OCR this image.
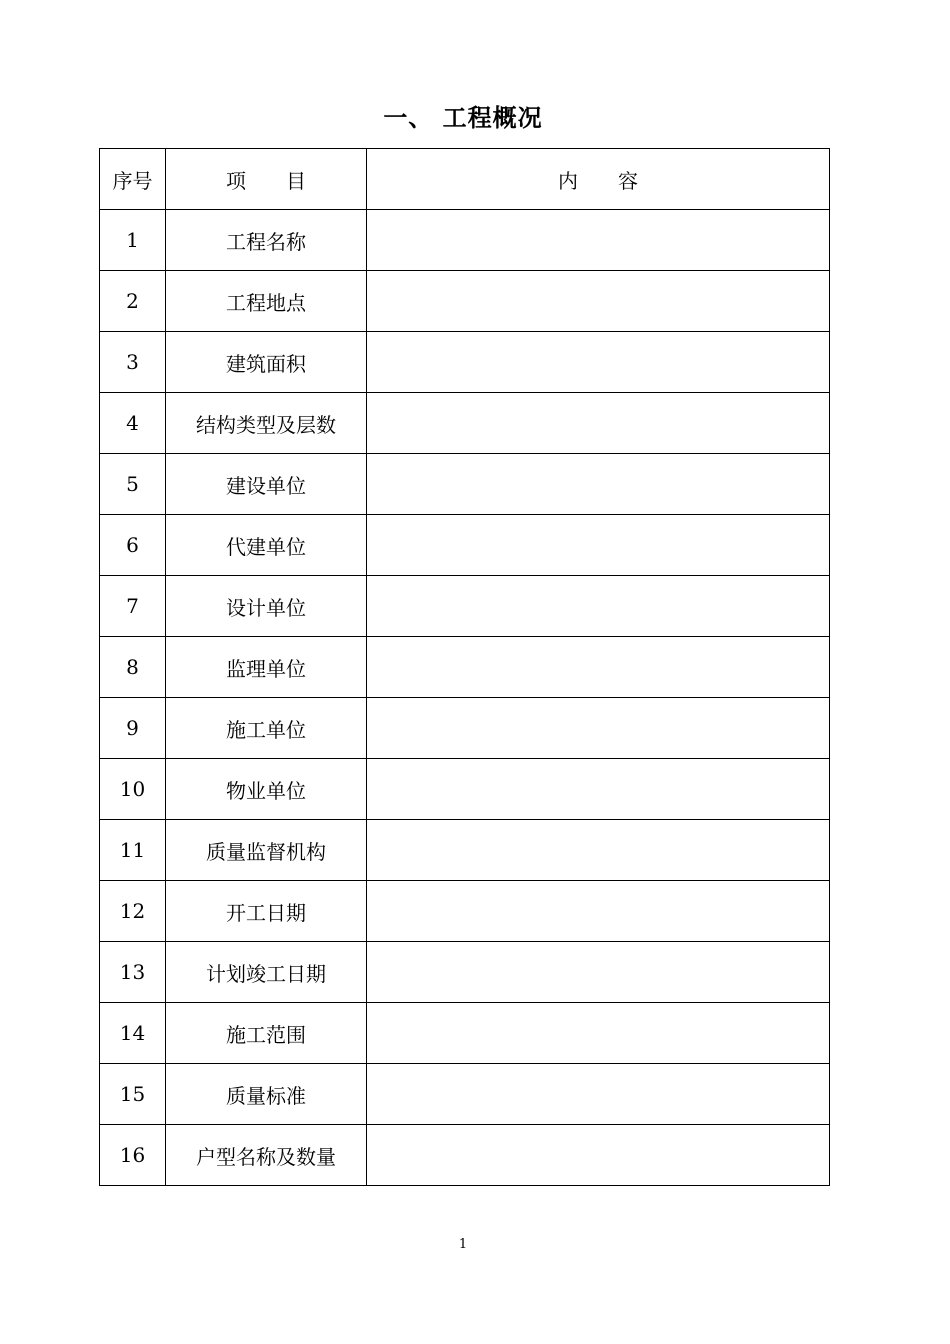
一、 工程概况
序号	项　　目	内　　容
1	工程名称	
2	工程地点	
3	建筑面积	
4	结构类型及层数	
5	建设单位	
6	代建单位	
7	设计单位	
8	监理单位	
9	施工单位	
10	物业单位	
11	质量监督机构	
12	开工日期	
13	计划竣工日期	
14	施工范围	
15	质量标准	
16	户型名称及数量	
1
